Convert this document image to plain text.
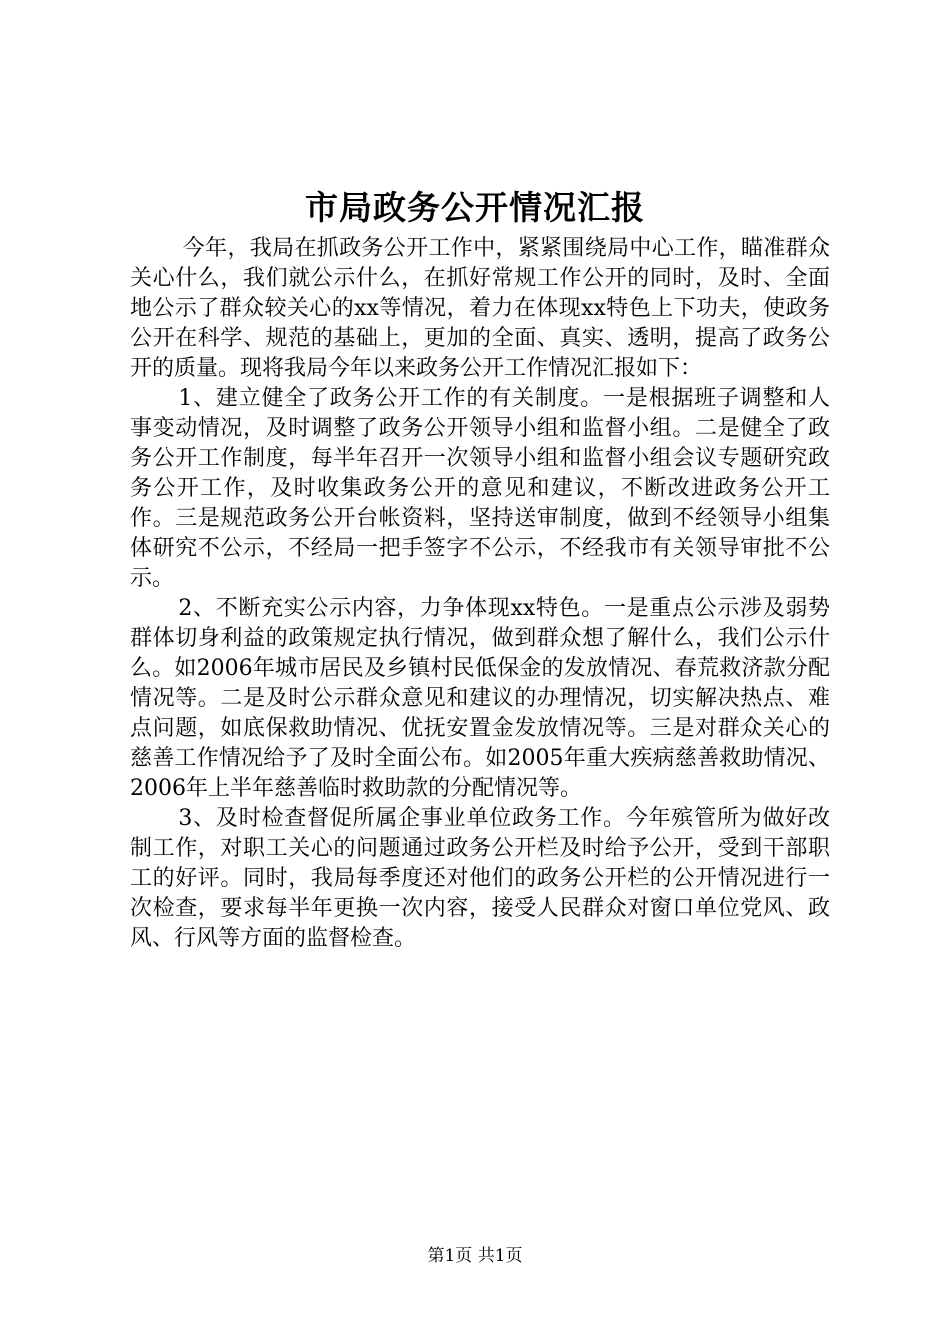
市局政务公开情况汇报

今年，我局在抓政务公开工作中，紧紧围绕局中心工作，瞄准群众关心什么，我们就公示什么，在抓好常规工作公开的同时，及时、全面地公示了群众较关心的xx等情况，着力在体现xx特色上下功夫，使政务公开在科学、规范的基础上，更加的全面、真实、透明，提高了政务公开的质量。现将我局今年以来政务公开工作情况汇报如下：

1、建立健全了政务公开工作的有关制度。一是根据班子调整和人事变动情况，及时调整了政务公开领导小组和监督小组。二是健全了政务公开工作制度，每半年召开一次领导小组和监督小组会议专题研究政务公开工作，及时收集政务公开的意见和建议，不断改进政务公开工作。三是规范政务公开台帐资料，坚持送审制度，做到不经领导小组集体研究不公示，不经局一把手签字不公示，不经我市有关领导审批不公示。

2、不断充实公示内容，力争体现xx特色。一是重点公示涉及弱势群体切身利益的政策规定执行情况，做到群众想了解什么，我们公示什么。如2006年城市居民及乡镇村民低保金的发放情况、春荒救济款分配情况等。二是及时公示群众意见和建议的办理情况，切实解决热点、难点问题，如底保救助情况、优抚安置金发放情况等。三是对群众关心的慈善工作情况给予了及时全面公布。如2005年重大疾病慈善救助情况、2006年上半年慈善临时救助款的分配情况等。

3、及时检查督促所属企事业单位政务工作。今年殡管所为做好改制工作，对职工关心的问题通过政务公开栏及时给予公开，受到干部职工的好评。同时，我局每季度还对他们的政务公开栏的公开情况进行一次检查，要求每半年更换一次内容，接受人民群众对窗口单位党风、政风、行风等方面的监督检查。

第1页 共1页
